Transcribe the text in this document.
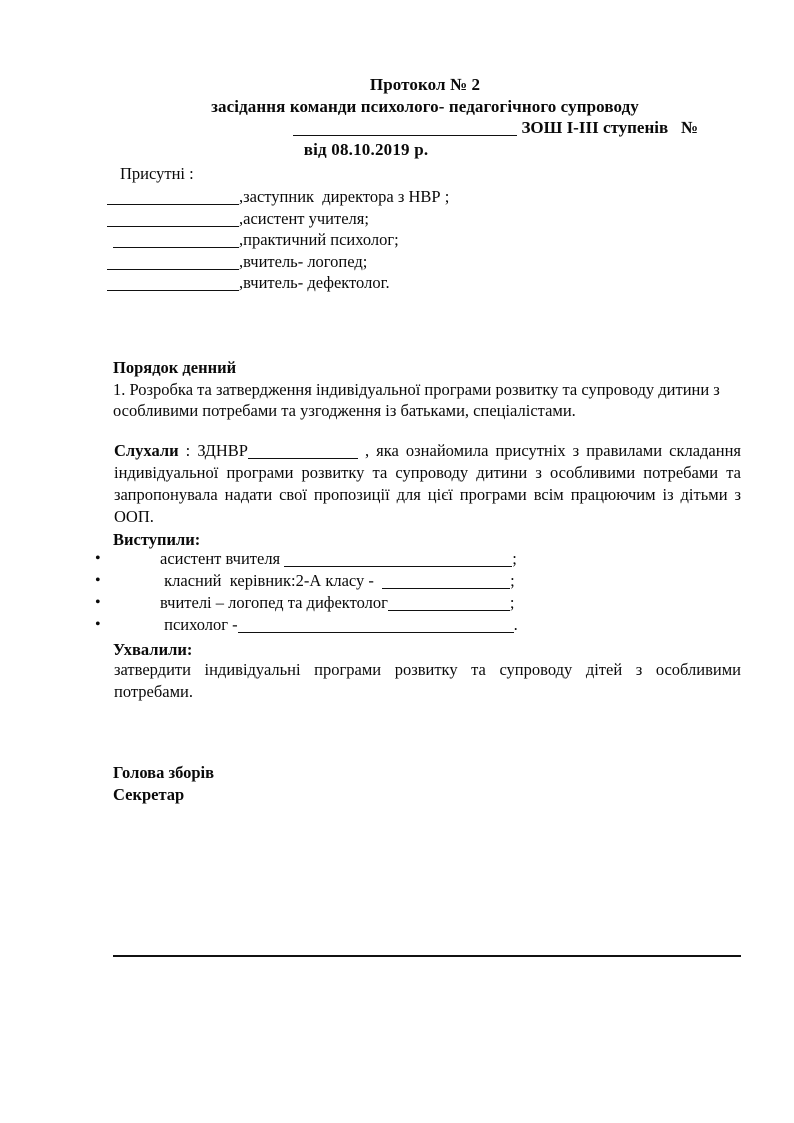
Протокол № 2
засідання команди психолого- педагогічного супроводу
ЗОШ I-III ступенів   №
від 08.10.2019 р.
Присутні :
,заступник  директора з НВР ;
,асистент учителя;
,практичний психолог;
,вчитель- логопед;
,вчитель- дефектолог.
Порядок денний

1. Розробка та затвердження індивідуальної програми розвитку та супроводу дитини з особливими потребами та узгодження із батьками, спеціалістами.

Слухали : ЗДНВР	, яка ознайомила присутніх з правилами складання індивідуальної програми розвитку та супроводу дитини з особливими потребами та запропонувала надати свої пропозиції для цієї програми всім працюючим із дітьми з ООП.
Виступили:
•	асистент вчителя	;
•	класний  керівник:2-А класу -	;
•	вчителі – логопед та дифектолог	;
•	психолог -	.
Ухвалили:
затвердити індивідуальні програми розвитку та супроводу дітей з особливими потребами.
Голова зборів
Секретар
